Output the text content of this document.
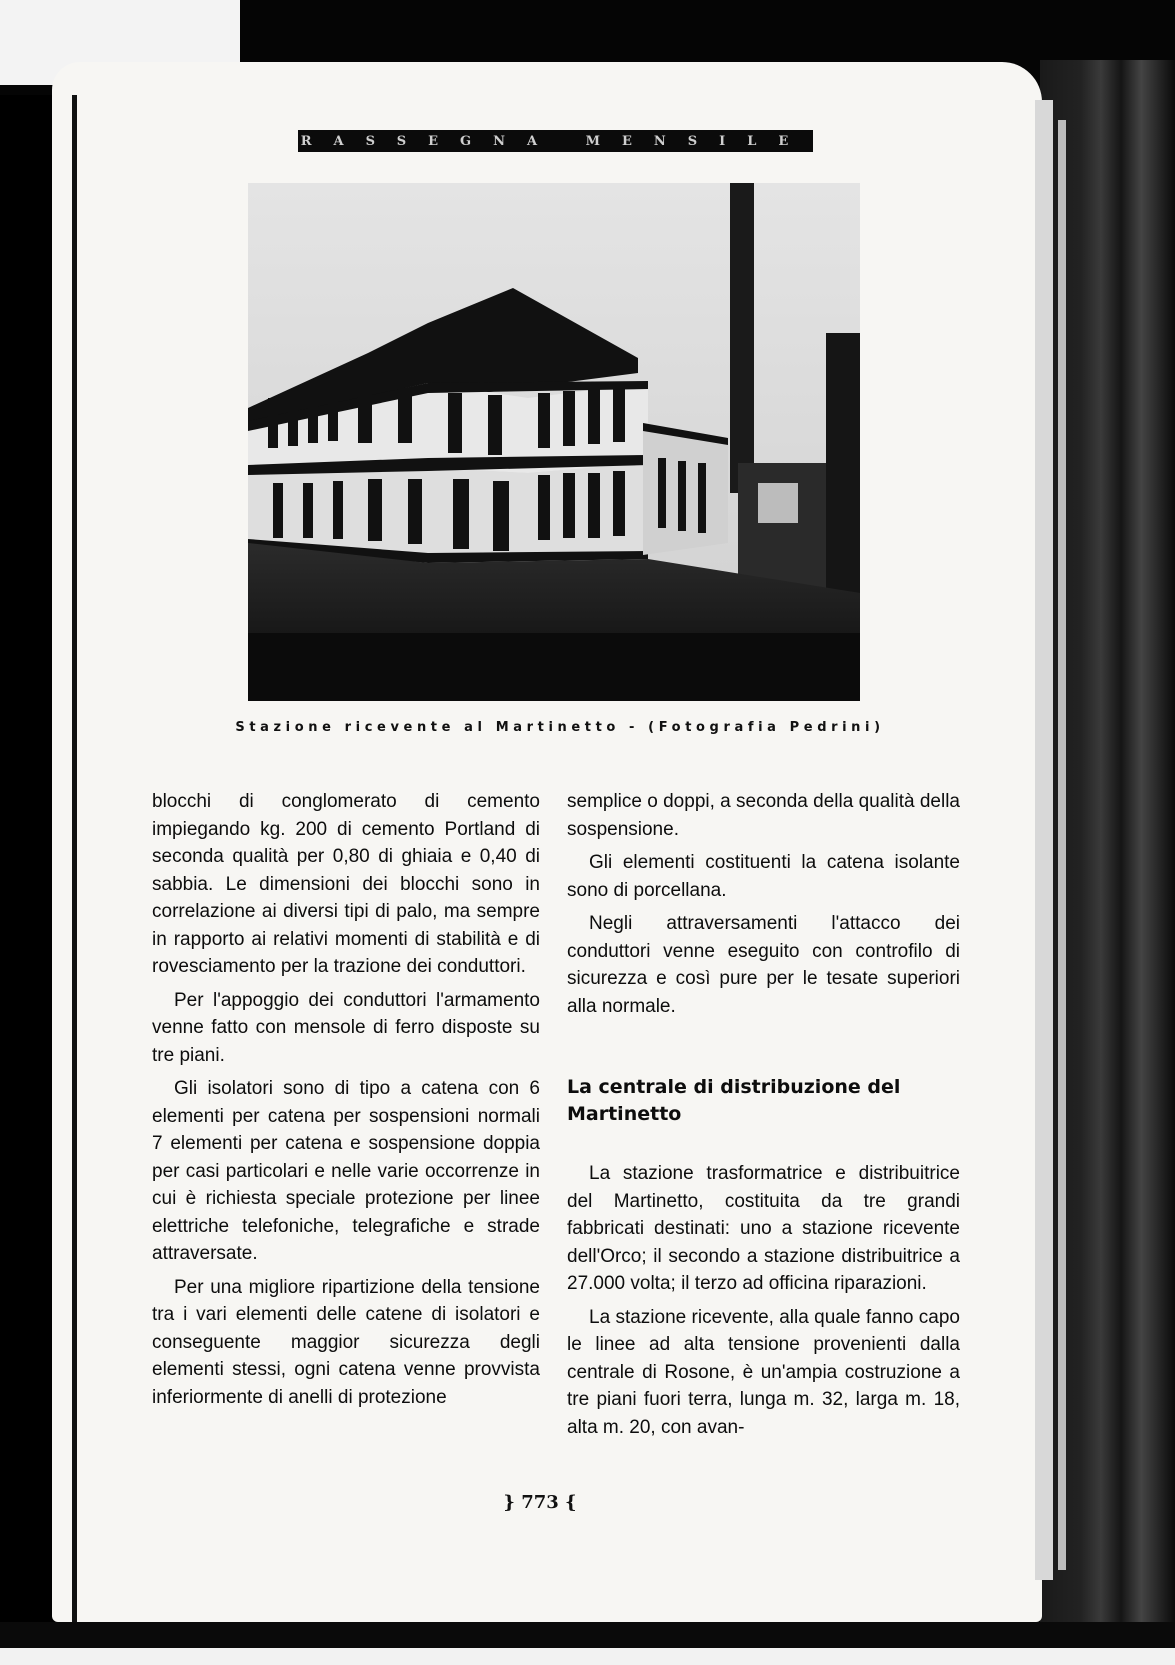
RASSEGNA MENSILE
Stazione ricevente al Martinetto - (Fotografia Pedrini)

blocchi di conglomerato di cemento impiegando kg. 200 di cemento Portland di seconda qualità per 0,80 di ghiaia e 0,40 di sabbia. Le dimensioni dei blocchi sono in correlazione ai diversi tipi di palo, ma sempre in rapporto ai relativi momenti di stabilità e di rovesciamento per la trazione dei conduttori.

Per l'appoggio dei conduttori l'armamento venne fatto con mensole di ferro disposte su tre piani.

Gli isolatori sono di tipo a catena con 6 elementi per catena per sospensioni normali 7 elementi per catena e sospensione doppia per casi particolari e nelle varie occorrenze in cui è richiesta speciale protezione per linee elettriche telefoniche, telegrafiche e strade attraversate.

Per una migliore ripartizione della tensione tra i vari elementi delle catene di isolatori e conseguente maggior sicurezza degli elementi stessi, ogni catena venne provvista inferiormente di anelli di protezione

semplice o doppi, a seconda della qualità della sospensione.

Gli elementi costituenti la catena isolante sono di porcellana.

Negli attraversamenti l'attacco dei conduttori venne eseguito con controfilo di sicurezza e così pure per le tesate superiori alla normale.

La centrale di distribuzione del Martinetto

La stazione trasformatrice e distribuitrice del Martinetto, costituita da tre grandi fabbricati destinati: uno a stazione ricevente dell'Orco; il secondo a stazione distribuitrice a 27.000 volta; il terzo ad officina riparazioni.

La stazione ricevente, alla quale fanno capo le linee ad alta tensione provenienti dalla centrale di Rosone, è un'ampia costruzione a tre piani fuori terra, lunga m. 32, larga m. 18, alta m. 20, con avan-

} 773 {
